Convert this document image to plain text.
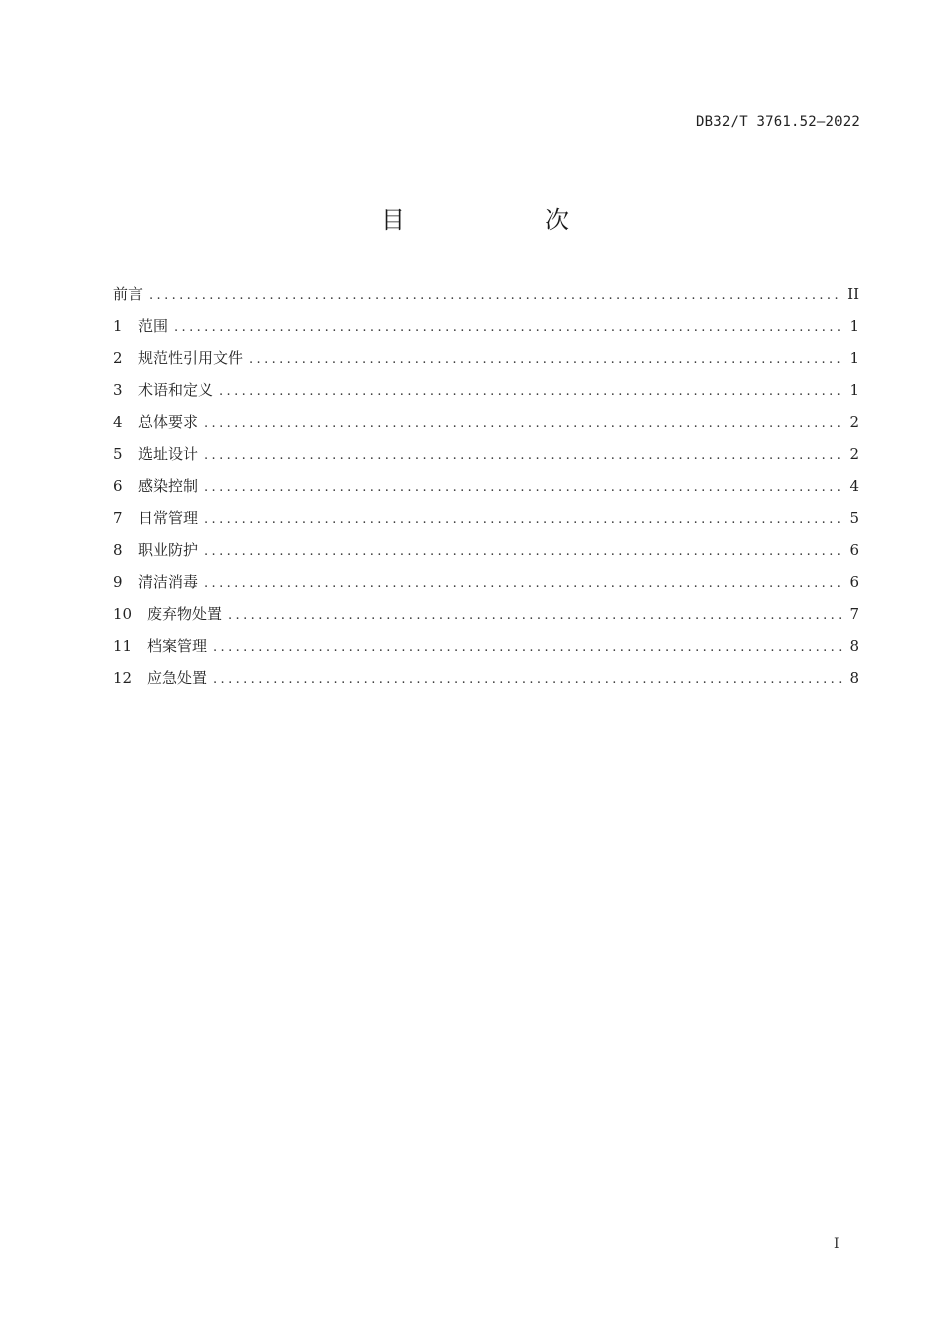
DB32/T 3761.52—2022
目　次
前言 .....	II
1	范围 .....	1
2	规范性引用文件 .....	1
3	术语和定义 .....	1
4	总体要求 .....	2
5	选址设计 .....	2
6	感染控制 .....	4
7	日常管理 .....	5
8	职业防护 .....	6
9	清洁消毒 .....	6
10 废弃物处置 .....	7
11 档案管理 .....	8
12 应急处置 .....	8
I
